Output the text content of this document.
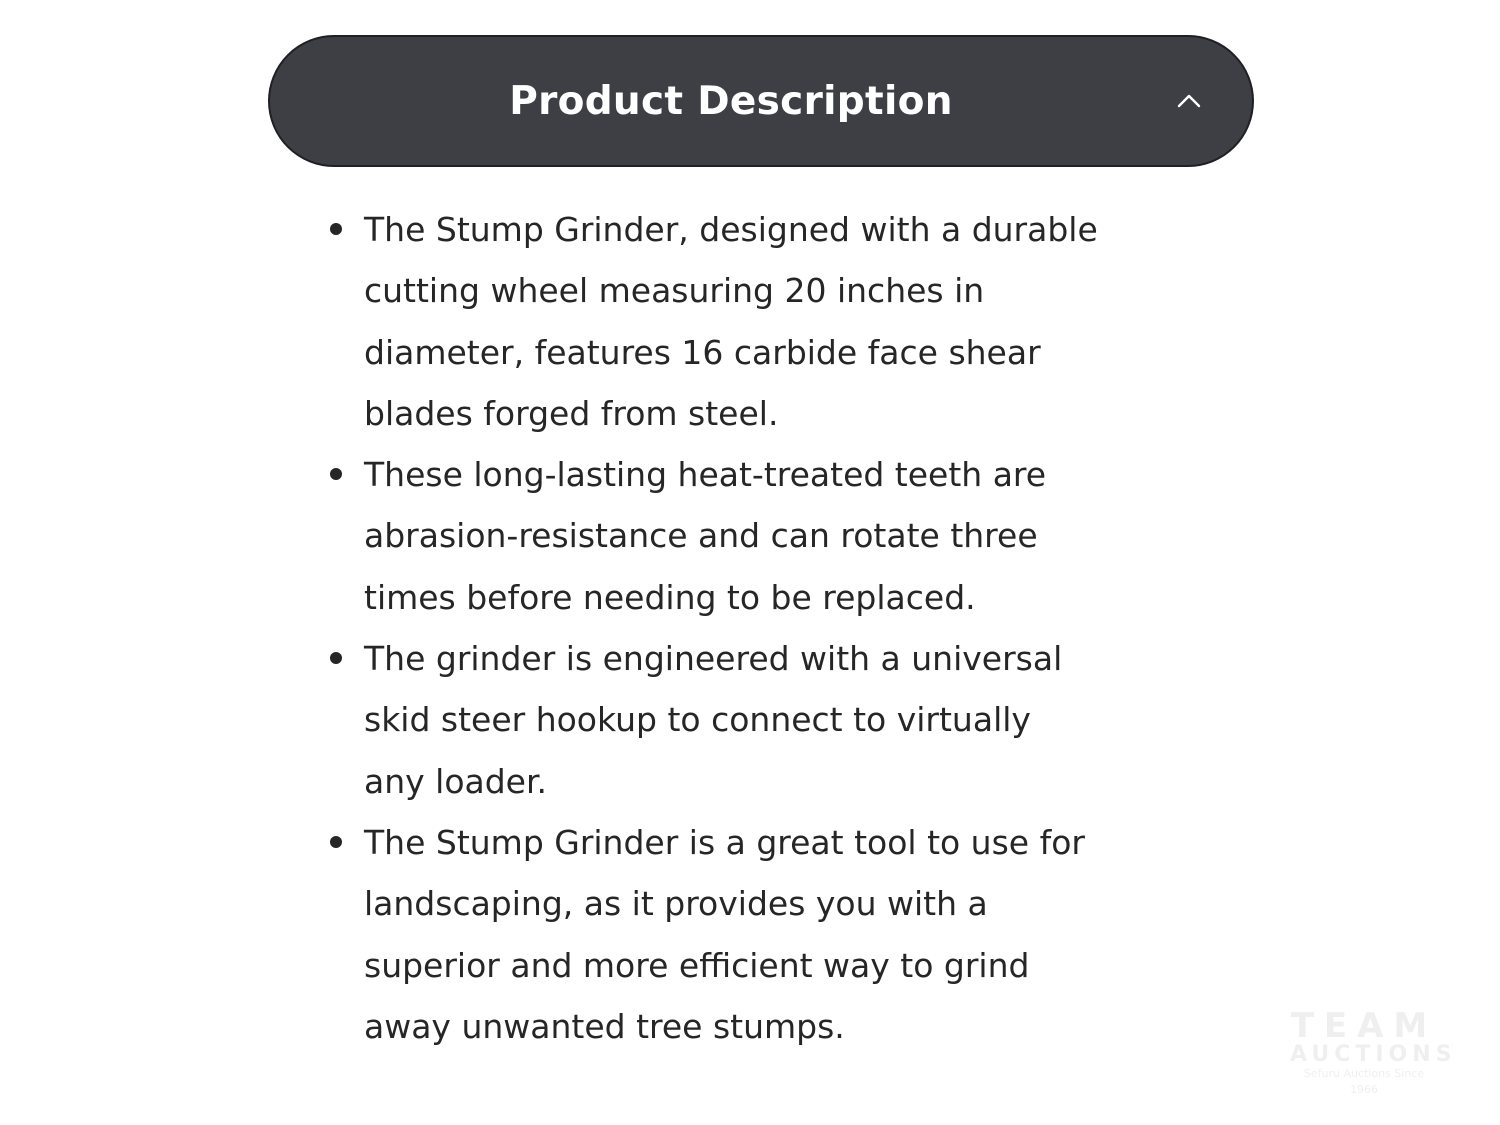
Product Description
The Stump Grinder, designed with a durable
cutting wheel measuring 20 inches in
diameter, features 16 carbide face shear
blades forged from steel.
These long-lasting heat-treated teeth are
abrasion-resistance and can rotate three
times before needing to be replaced.
The grinder is engineered with a universal
skid steer hookup to connect to virtually
any loader.
The Stump Grinder is a great tool to use for
landscaping, as it provides you with a
superior and more efficient way to grind
away unwanted tree stumps.	TEAM
AUCTIONS
Sefuru Auctions Since 1966
